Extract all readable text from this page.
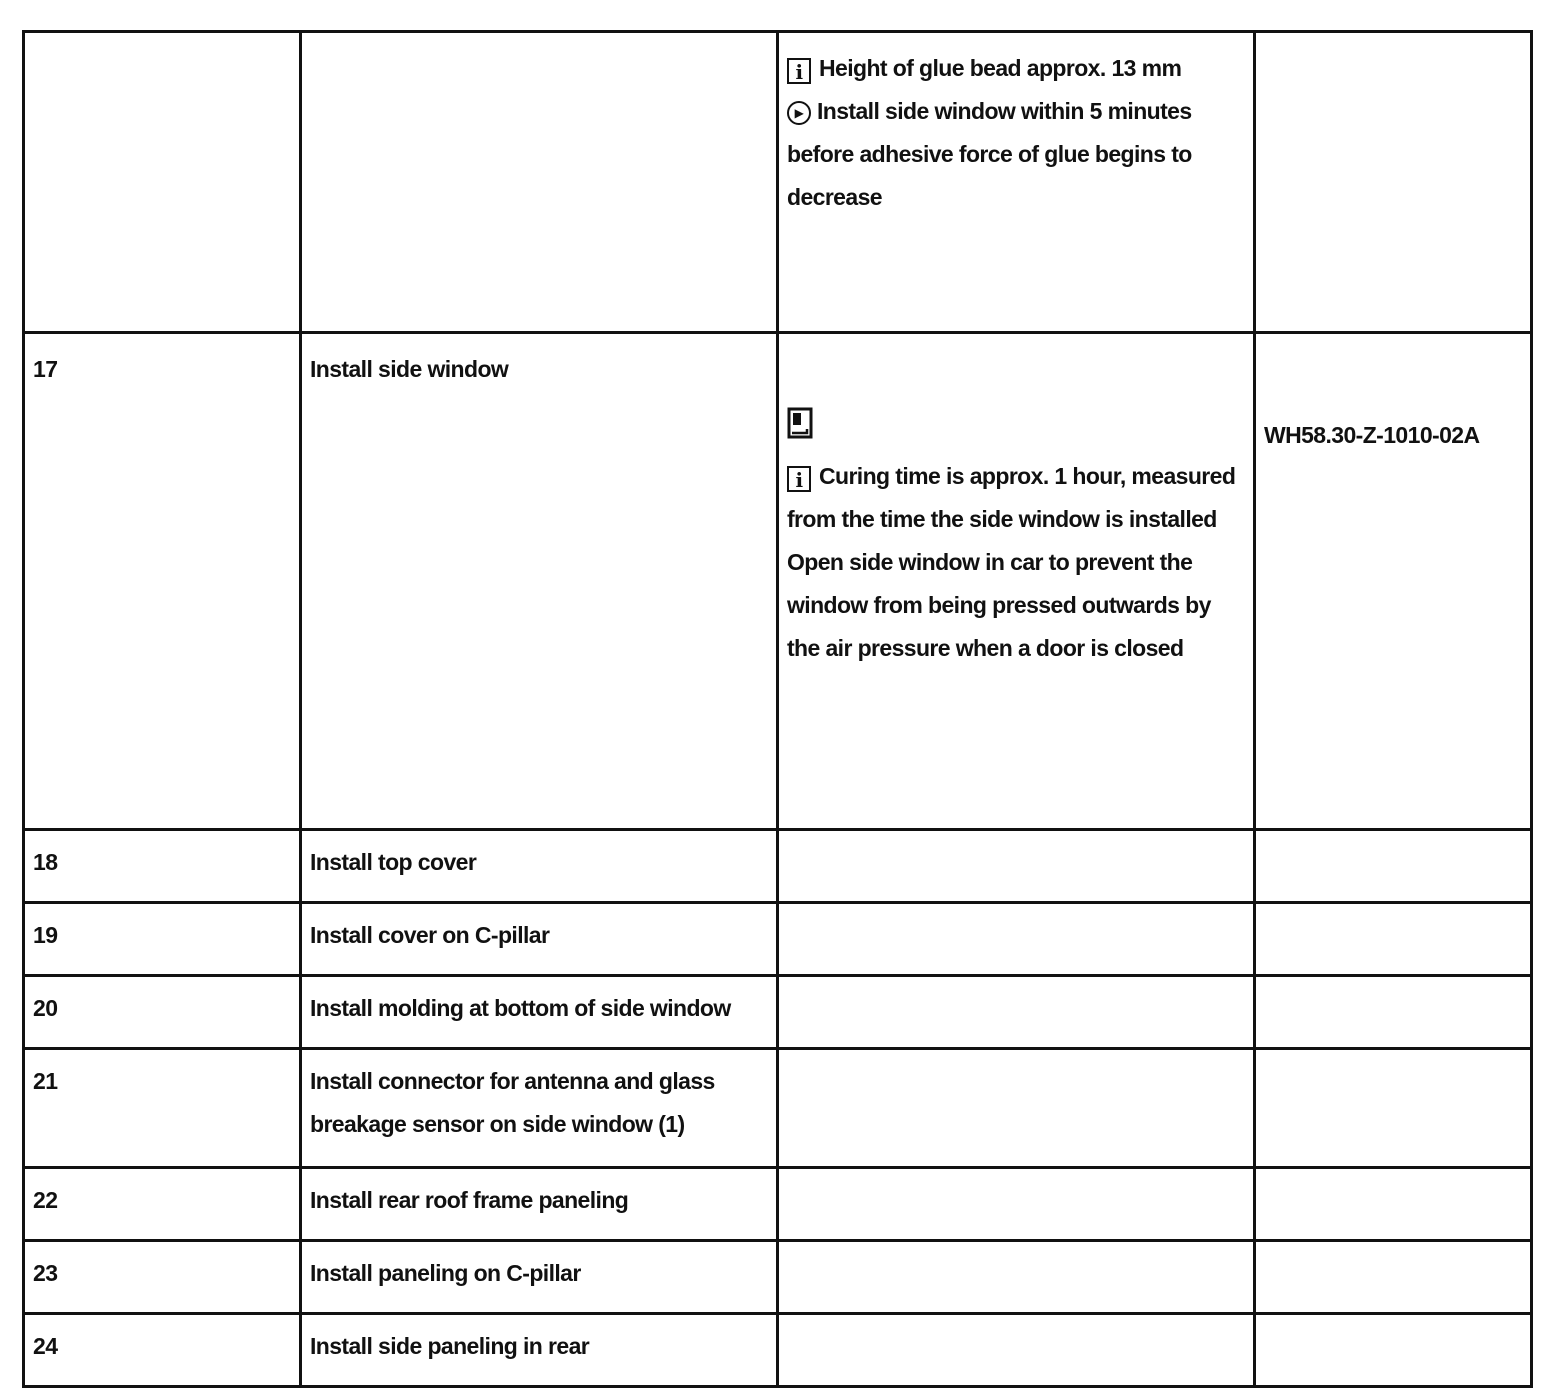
		i Height of glue bead approx. 13 mm
▶ Install side window within 5 minutes before adhesive force of glue begins to decrease	

17	Install side window	i Curing time is approx. 1 hour, measured from the time the side window is installed
Open side window in car to prevent the window from being pressed outwards by the air pressure when a door is closed	WH58.30-Z-1010-02A
18	Install top cover		
19	Install cover on C-pillar		
20	Install molding at bottom of side window		
21	Install connector for antenna and glass breakage sensor on side window (1)		
22	Install rear roof frame paneling		
23	Install paneling on C-pillar		
24	Install side paneling in rear		
